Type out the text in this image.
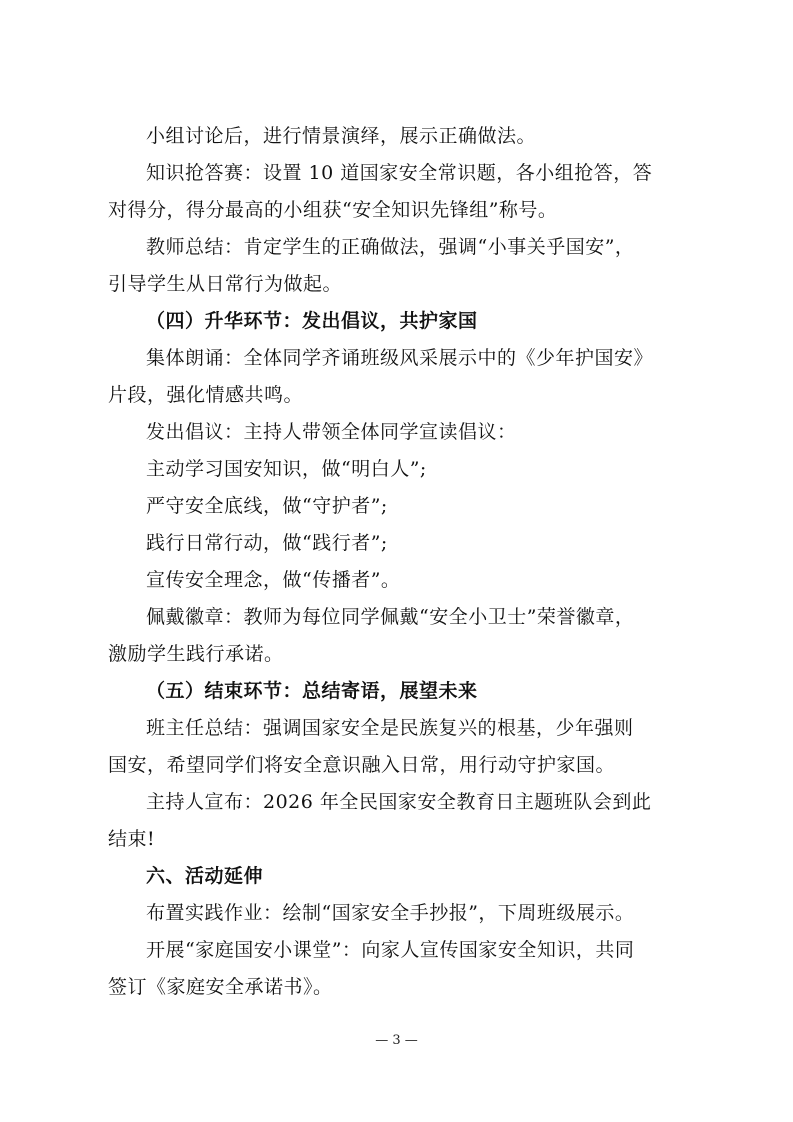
小组讨论后，进行情景演绎，展示正确做法。
知识抢答赛：设置 10 道国家安全常识题，各小组抢答，答
对得分，得分最高的小组获“安全知识先锋组”称号。
教师总结：肯定学生的正确做法，强调“小事关乎国安”，
引导学生从日常行为做起。
（四）升华环节：发出倡议，共护家国
集体朗诵：全体同学齐诵班级风采展示中的《少年护国安》
片段，强化情感共鸣。
发出倡议：主持人带领全体同学宣读倡议：
主动学习国安知识，做“明白人”;
严守安全底线，做“守护者”;
践行日常行动，做“践行者”;
宣传安全理念，做“传播者”。
佩戴徽章：教师为每位同学佩戴“安全小卫士”荣誉徽章，
激励学生践行承诺。
（五）结束环节：总结寄语，展望未来
班主任总结：强调国家安全是民族复兴的根基，少年强则
国安，希望同学们将安全意识融入日常，用行动守护家国。
主持人宣布：2026 年全民国家安全教育日主题班队会到此
结束!
六、活动延伸
布置实践作业：绘制“国家安全手抄报”，下周班级展示。
开展“家庭国安小课堂”：向家人宣传国家安全知识，共同
签订《家庭安全承诺书》。
— 3 —
